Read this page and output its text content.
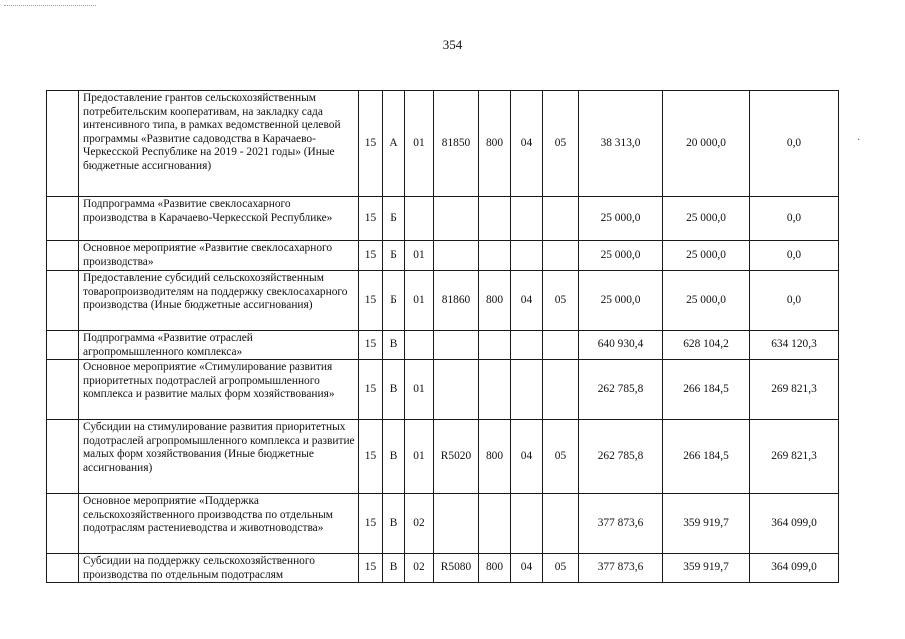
354
·
	Предоставление грантов сельскохозяйственным потребительским кооперативам, на закладку сада интенсивного типа, в рамках ведомственной целевой программы «Развитие садоводства в Карачаево-Черкесской Республике на 2019 - 2021 годы» (Иные бюджетные ассигнования)	15	А	01	81850	800	04	05	38 313,0	20 000,0	0,0
	Подпрограмма «Развитие свеклосахарного производства в Карачаево-Черкесской Республике»	15	Б						25 000,0	25 000,0	0,0
	Основное мероприятие «Развитие свеклосахарного производства»	15	Б	01					25 000,0	25 000,0	0,0
	Предоставление субсидий сельскохозяйственным товаропроизводителям на поддержку свеклосахарного производства (Иные бюджетные ассигнования)	15	Б	01	81860	800	04	05	25 000,0	25 000,0	0,0
	Подпрограмма «Развитие отраслей агропромышленного комплекса»	15	В						640 930,4	628 104,2	634 120,3
	Основное мероприятие «Стимулирование развития приоритетных подотраслей агропромышленного комплекса и развитие малых форм хозяйствования»	15	В	01					262 785,8	266 184,5	269 821,3
	Субсидии на стимулирование развития приоритетных подотраслей агропромышленного комплекса и развитие малых форм хозяйствования (Иные бюджетные ассигнования)	15	В	01	R5020	800	04	05	262 785,8	266 184,5	269 821,3
	Основное мероприятие «Поддержка сельскохозяйственного производства по отдельным подотраслям растениеводства и животноводства»	15	В	02					377 873,6	359 919,7	364 099,0
	Субсидии на поддержку сельскохозяйственного производства по отдельным подотраслям	15	В	02	R5080	800	04	05	377 873,6	359 919,7	364 099,0
